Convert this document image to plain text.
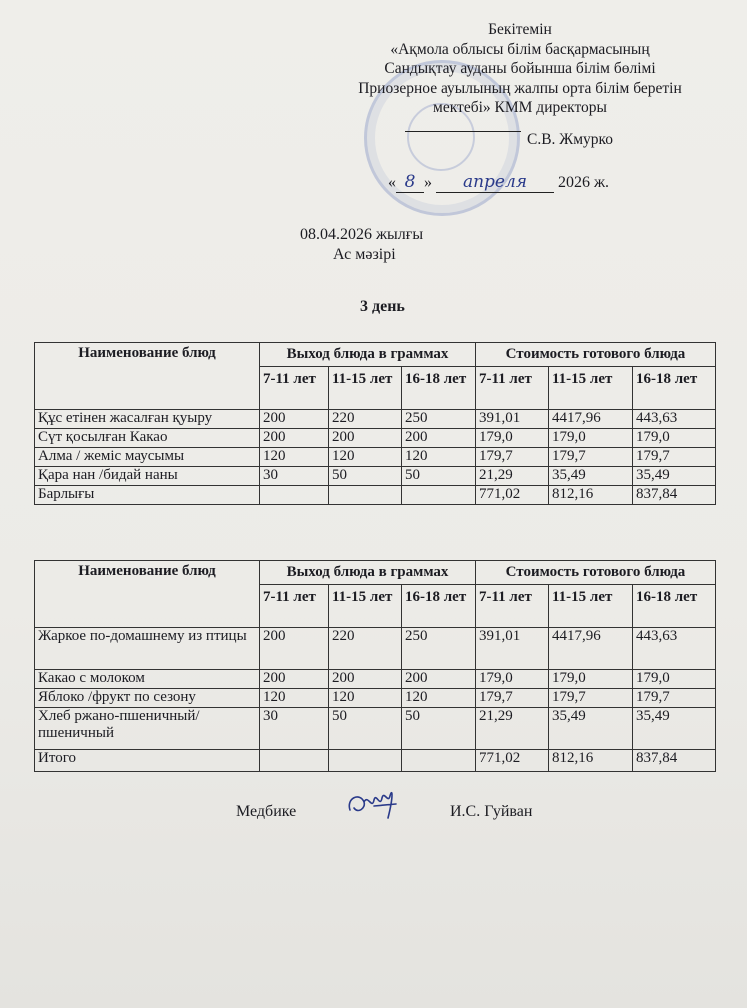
Бекітемін
«Ақмола облысы білім басқармасының
Сандықтау ауданы бойынша білім бөлімі
Приозерное ауылының жалпы орта білім беретін
мектебі» КММ директоры
С.В. Жмурко
« 8 » апреля 2026 ж.
08.04.2026 жылғы
Ас мәзірі
3 день
Наименование блюд	Выход блюда в граммах			Стоимость готового блюда		
	7-11 лет	11-15 лет	16-18 лет	7-11 лет	11-15 лет	16-18 лет
Құс етінен жасалған қуыру	200	220	250	391,01	4417,96	443,63
Сүт қосылған Какао	200	200	200	179,0	179,0	179,0
Алма / жеміс маусымы	120	120	120	179,7	179,7	179,7
Қара нан /бидай наны	30	50	50	21,29	35,49	35,49
Барлығы				771,02	812,16	837,84
Наименование блюд	Выход блюда в граммах			Стоимость готового блюда		
	7-11 лет	11-15 лет	16-18 лет	7-11 лет	11-15 лет	16-18 лет
Жаркое по-домашнему из птицы	200	220	250	391,01	4417,96	443,63
Какао с молоком	200	200	200	179,0	179,0	179,0
Яблоко /фрукт по сезону	120	120	120	179,7	179,7	179,7
Хлеб ржано-пшеничный/пшеничный	30	50	50	21,29	35,49	35,49
Итого				771,02	812,16	837,84
Медбике	И.С. Гуйван
